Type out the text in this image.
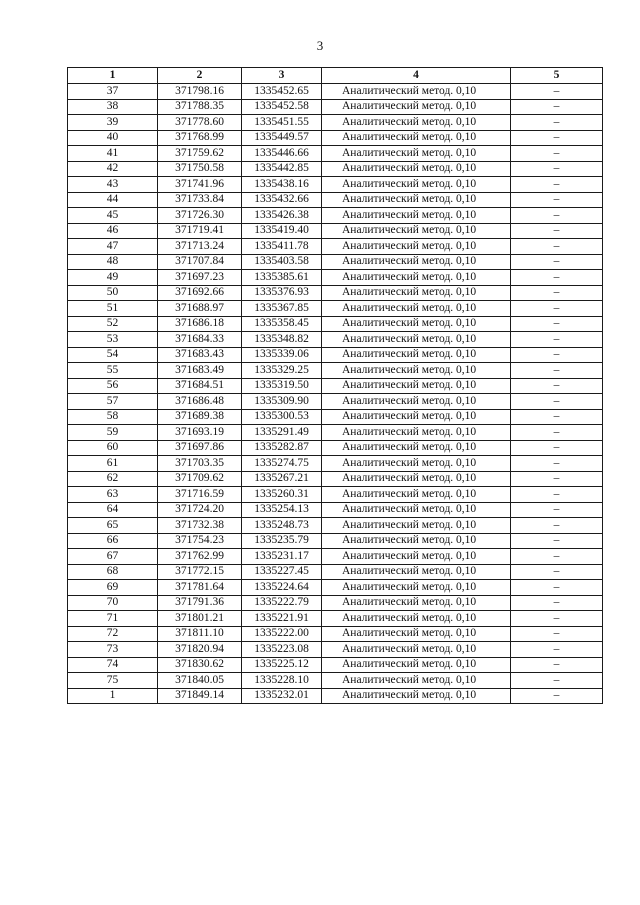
3
1	2	3	4	5
37	371798.16	1335452.65	Аналитический метод. 0,10	–
38	371788.35	1335452.58	Аналитический метод. 0,10	–
39	371778.60	1335451.55	Аналитический метод. 0,10	–
40	371768.99	1335449.57	Аналитический метод. 0,10	–
41	371759.62	1335446.66	Аналитический метод. 0,10	–
42	371750.58	1335442.85	Аналитический метод. 0,10	–
43	371741.96	1335438.16	Аналитический метод. 0,10	–
44	371733.84	1335432.66	Аналитический метод. 0,10	–
45	371726.30	1335426.38	Аналитический метод. 0,10	–
46	371719.41	1335419.40	Аналитический метод. 0,10	–
47	371713.24	1335411.78	Аналитический метод. 0,10	–
48	371707.84	1335403.58	Аналитический метод. 0,10	–
49	371697.23	1335385.61	Аналитический метод. 0,10	–
50	371692.66	1335376.93	Аналитический метод. 0,10	–
51	371688.97	1335367.85	Аналитический метод. 0,10	–
52	371686.18	1335358.45	Аналитический метод. 0,10	–
53	371684.33	1335348.82	Аналитический метод. 0,10	–
54	371683.43	1335339.06	Аналитический метод. 0,10	–
55	371683.49	1335329.25	Аналитический метод. 0,10	–
56	371684.51	1335319.50	Аналитический метод. 0,10	–
57	371686.48	1335309.90	Аналитический метод. 0,10	–
58	371689.38	1335300.53	Аналитический метод. 0,10	–
59	371693.19	1335291.49	Аналитический метод. 0,10	–
60	371697.86	1335282.87	Аналитический метод. 0,10	–
61	371703.35	1335274.75	Аналитический метод. 0,10	–
62	371709.62	1335267.21	Аналитический метод. 0,10	–
63	371716.59	1335260.31	Аналитический метод. 0,10	–
64	371724.20	1335254.13	Аналитический метод. 0,10	–
65	371732.38	1335248.73	Аналитический метод. 0,10	–
66	371754.23	1335235.79	Аналитический метод. 0,10	–
67	371762.99	1335231.17	Аналитический метод. 0,10	–
68	371772.15	1335227.45	Аналитический метод. 0,10	–
69	371781.64	1335224.64	Аналитический метод. 0,10	–
70	371791.36	1335222.79	Аналитический метод. 0,10	–
71	371801.21	1335221.91	Аналитический метод. 0,10	–
72	371811.10	1335222.00	Аналитический метод. 0,10	–
73	371820.94	1335223.08	Аналитический метод. 0,10	–
74	371830.62	1335225.12	Аналитический метод. 0,10	–
75	371840.05	1335228.10	Аналитический метод. 0,10	–
1	371849.14	1335232.01	Аналитический метод. 0,10	–
